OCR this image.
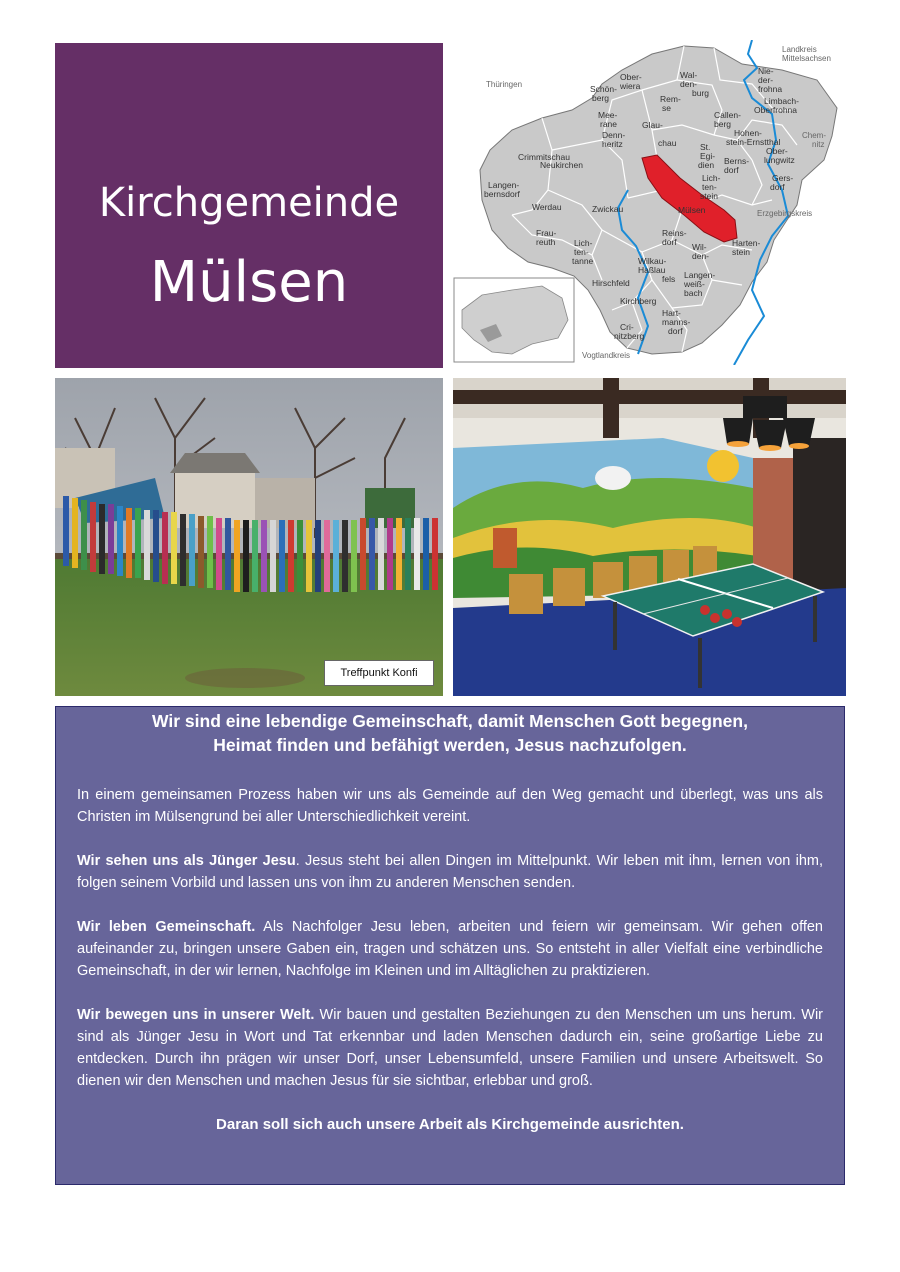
Kirchgemeinde
Mülsen
Landkreis Mittelsachsen
Thüringen
Chem-nitz
Erzgebirgskreis
Vogtlandkreis
Ober-wiera
Wal-den-burg
Nie-der-frohna
Schön-berg	Rem-se
Limbach-Oberfrohna
Mee-rane	Glau-chau
Callen-berg
Crimmitschau
Denn-heritz
Hohen-stein-Ernstthal
St. Egi-dien
Ober-lungwitz
Neukirchen	Berns-dorf
Gers-dorf
Langen-bernsdorf
Lich-ten-stein
Werdau	Zwickau	Mülsen
Frau-reuth
Reins-dorf
Lich-ten-tanne
Wil-den-
Harten-stein
Wilkau-Haßlau fels Langen-weiß-bach
Hirschfeld
Kirchberg
Hart-manns-dorf
Cri-nitzberg
Treffpunkt Konfi
Wir sind eine lebendige Gemeinschaft, damit Menschen Gott begegnen,
Heimat finden und befähigt werden, Jesus nachzufolgen.

In einem gemeinsamen Prozess haben wir uns als Gemeinde auf den Weg gemacht und überlegt, was uns als Christen im Mülsengrund bei aller Unterschiedlichkeit vereint.

Wir sehen uns als Jünger Jesu. Jesus steht bei allen Dingen im Mittelpunkt. Wir leben mit ihm, lernen von ihm, folgen seinem Vorbild und lassen uns von ihm zu anderen Menschen senden.

Wir leben Gemeinschaft. Als Nachfolger Jesu leben, arbeiten und feiern wir gemeinsam. Wir gehen offen aufeinander zu, bringen unsere Gaben ein, tragen und schätzen uns. So entsteht in aller Vielfalt eine verbindliche Gemeinschaft, in der wir lernen, Nachfolge im Kleinen und im Alltäglichen zu praktizieren.

Wir bewegen uns in unserer Welt. Wir bauen und gestalten Beziehungen zu den Menschen um uns herum. Wir sind als Jünger Jesu in Wort und Tat erkennbar und laden Menschen dadurch ein, seine großartige Liebe zu entdecken. Durch ihn prägen wir unser Dorf, unser Lebensumfeld, unsere Familien und unsere Arbeitswelt. So dienen wir den Menschen und machen Jesus für sie sichtbar, erlebbar und groß.

Daran soll sich auch unsere Arbeit als Kirchgemeinde ausrichten.
